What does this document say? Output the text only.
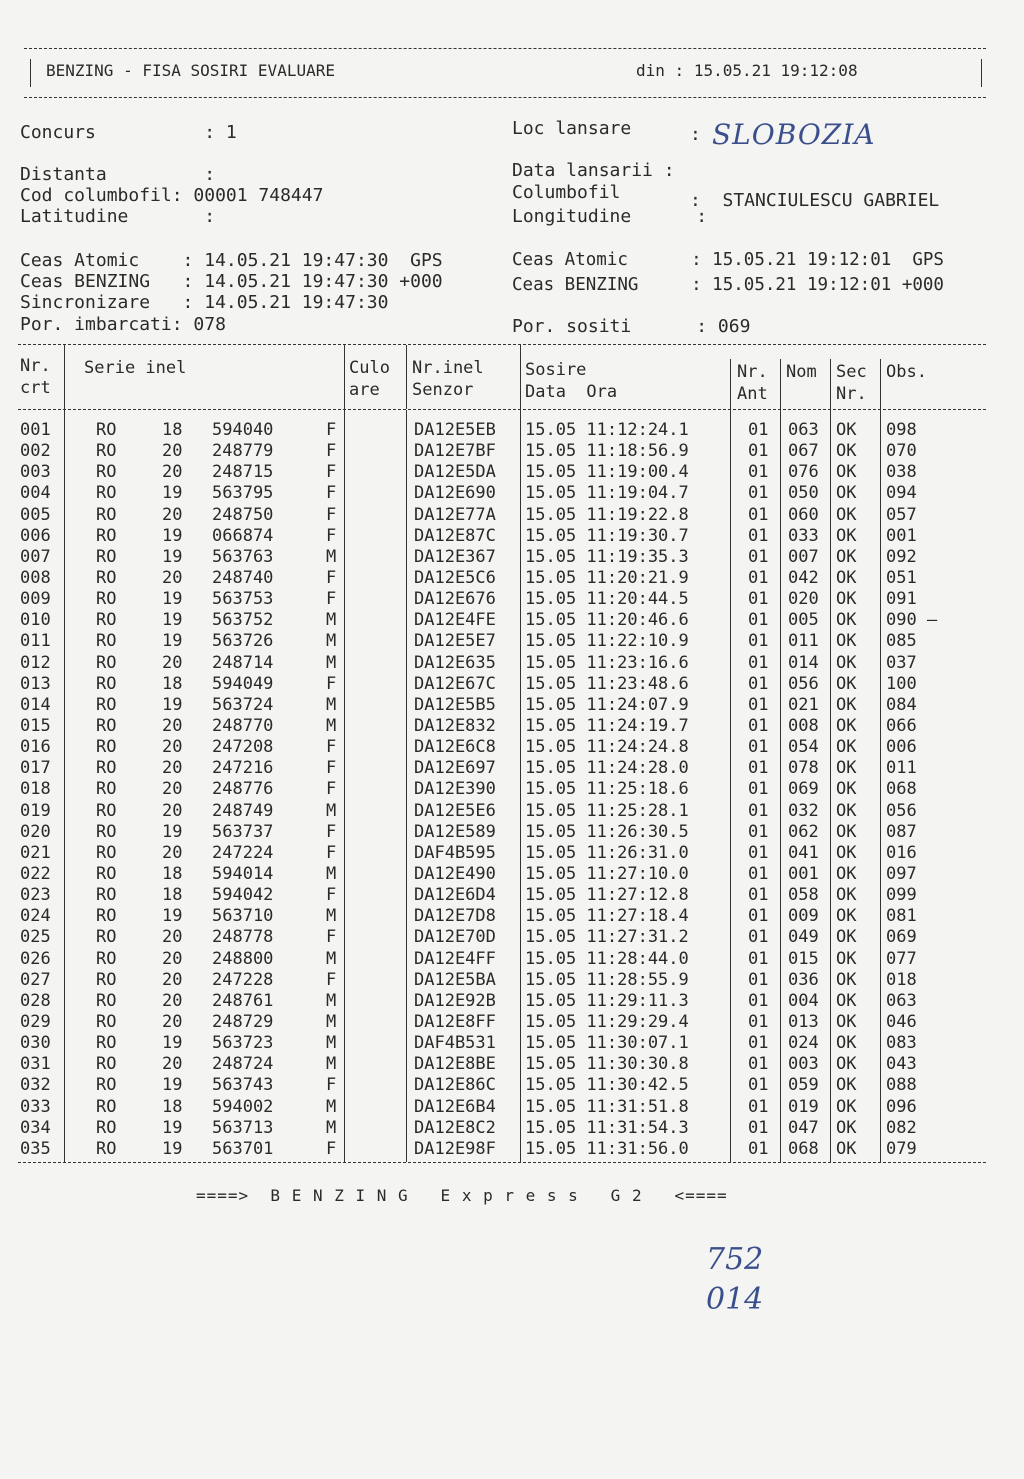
BENZING - FISA SOSIRI EVALUARE	din : 15.05.21 19:12:08
Concurs          : 1	Loc lansare	: SLOBOZIA
Distanta         :
Cod columbofil: 00001 748447
Latitudine       :
Data lansarii :
Columbofil	:  STANCIULESCU GABRIEL
Longitudine      :
Ceas Atomic    : 14.05.21 19:47:30  GPS
Ceas BENZING   : 14.05.21 19:47:30 +000
Sincronizare   : 14.05.21 19:47:30
Por. imbarcati: 078
Ceas Atomic      : 15.05.21 19:12:01  GPS
Ceas BENZING     : 15.05.21 19:12:01 +000
Por. sositi      : 069
Nr.

crt
Serie inel	Culo

are
Nr.inel

Senzor
Sosire

Data  Ora
Nr.

Ant
Nom Sec

Nr.
Obs.
001	RO	18 594040	F	DA12E5EB 15.05 11:12:24.1	01 063 OK 098
002	RO	20 248779	F	DA12E7BF 15.05 11:18:56.9	01 067 OK 070
003	RO	20 248715	F	DA12E5DA 15.05 11:19:00.4	01 076 OK 038
004	RO	19 563795	F	DA12E690 15.05 11:19:04.7	01 050 OK 094
005	RO	20 248750	F	DA12E77A 15.05 11:19:22.8	01 060 OK 057
006	RO	19 066874	F	DA12E87C 15.05 11:19:30.7	01 033 OK 001
007	RO	19 563763	M	DA12E367 15.05 11:19:35.3	01 007 OK 092
008	RO	20 248740	F	DA12E5C6 15.05 11:20:21.9	01 042 OK 051
009	RO	19 563753	F	DA12E676 15.05 11:20:44.5	01 020 OK 091
010	RO	19 563752	M	DA12E4FE 15.05 11:20:46.6	01 005 OK 090 –
011	RO	19 563726	M	DA12E5E7 15.05 11:22:10.9	01 011 OK 085
012	RO	20 248714	M	DA12E635 15.05 11:23:16.6	01 014 OK 037
013	RO	18 594049	F	DA12E67C 15.05 11:23:48.6	01 056 OK 100
014	RO	19 563724	M	DA12E5B5 15.05 11:24:07.9	01 021 OK 084
015	RO	20 248770	M	DA12E832 15.05 11:24:19.7	01 008 OK 066
016	RO	20 247208	F	DA12E6C8 15.05 11:24:24.8	01 054 OK 006
017	RO	20 247216	F	DA12E697 15.05 11:24:28.0	01 078 OK 011
018	RO	20 248776	F	DA12E390 15.05 11:25:18.6	01 069 OK 068
019	RO	20 248749	M	DA12E5E6 15.05 11:25:28.1	01 032 OK 056
020	RO	19 563737	F	DA12E589 15.05 11:26:30.5	01 062 OK 087
021	RO	20 247224	F	DAF4B595 15.05 11:26:31.0	01 041 OK 016
022	RO	18 594014	M	DA12E490 15.05 11:27:10.0	01 001 OK 097
023	RO	18 594042	F	DA12E6D4 15.05 11:27:12.8	01 058 OK 099
024	RO	19 563710	M	DA12E7D8 15.05 11:27:18.4	01 009 OK 081
025	RO	20 248778	F	DA12E70D 15.05 11:27:31.2	01 049 OK 069
026	RO	20 248800	M	DA12E4FF 15.05 11:28:44.0	01 015 OK 077
027	RO	20 247228	F	DA12E5BA 15.05 11:28:55.9	01 036 OK 018
028	RO	20 248761	M	DA12E92B 15.05 11:29:11.3	01 004 OK 063
029	RO	20 248729	M	DA12E8FF 15.05 11:29:29.4	01 013 OK 046
030	RO	19 563723	M	DAF4B531 15.05 11:30:07.1	01 024 OK 083
031	RO	20 248724	M	DA12E8BE 15.05 11:30:30.8	01 003 OK 043
032	RO	19 563743	F	DA12E86C 15.05 11:30:42.5	01 059 OK 088
033	RO	18 594002	M	DA12E6B4 15.05 11:31:51.8	01 019 OK 096
034	RO	19 563713	M	DA12E8C2 15.05 11:31:54.3	01 047 OK 082
035	RO	19 563701	F	DA12E98F 15.05 11:31:56.0	01 068 OK 079
====>  B E N Z I N G   E x p r e s s   G 2   <====
752
014
